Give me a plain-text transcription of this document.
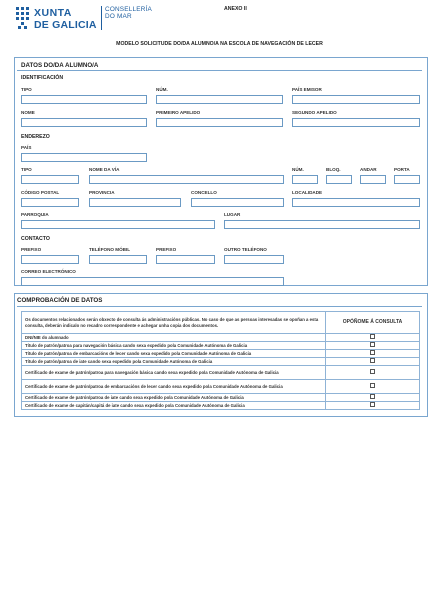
XUNTA
DE GALICIA
CONSELLERÍA
DO MAR
ANEXO II
MODELO SOLICITUDE DO/DA ALUMNO/A NA ESCOLA DE NAVEGACIÓN DE LECER
DATOS DO/DA ALUMNO/A
IDENTIFICACIÓN
TIPO	NÚM.	PAÍS EMISOR
NOME	PRIMEIRO APELIDO	SEGUNDO APELIDO
ENDEREZO
PAÍS
TIPO	NOME DA VÍA	NÚM.	BLOQ.	ANDAR	PORTA
CÓDIGO POSTAL	PROVINCIA	CONCELLO	LOCALIDADE
PARROQUIA	LUGAR
CONTACTO
PREFIXO	TELÉFONO MÓBIL	PREFIXO	OUTRO TELÉFONO
CORREO ELECTRÓNICO
COMPROBACIÓN DE DATOS
Os documentos relacionados serán obxecto de consulta ás administracións públicas. No caso de que as persoas interesadas se opoñan a esta consulta, deberán indicalo no recadro correspondente e achegar unha copia dos documentos.	OPÓÑOME Á CONSULTA
DNI/NIE do alumnado	
Título de patrón/patroa para navegación básica cando sexa expedido pola Comunidade Autónoma de Galicia	
Título de patrón/patroa de embarcacións de lecer cando sexa expedido pola Comunidade Autónoma de Galicia	
Título de patrón/patroa de iate cando sexa expedido pola Comunidade Autónoma de Galicia	
Certificado de exame de patrón/patroa para navegación básica cando sexa expedido pola Comunidade Autónoma de Galicia	
Certificado de exame de patrón/patroa de embarcacións de lecer cando sexa expedido pola Comunidade Autónoma de Galicia	
Certificado de exame de patrón/patroa de iate cando sexa expedido pola Comunidade Autónoma de Galicia	
Certificado de exame de capitán/capitá de iate cando sexa expedido pola Comunidade Autónoma de Galicia	
